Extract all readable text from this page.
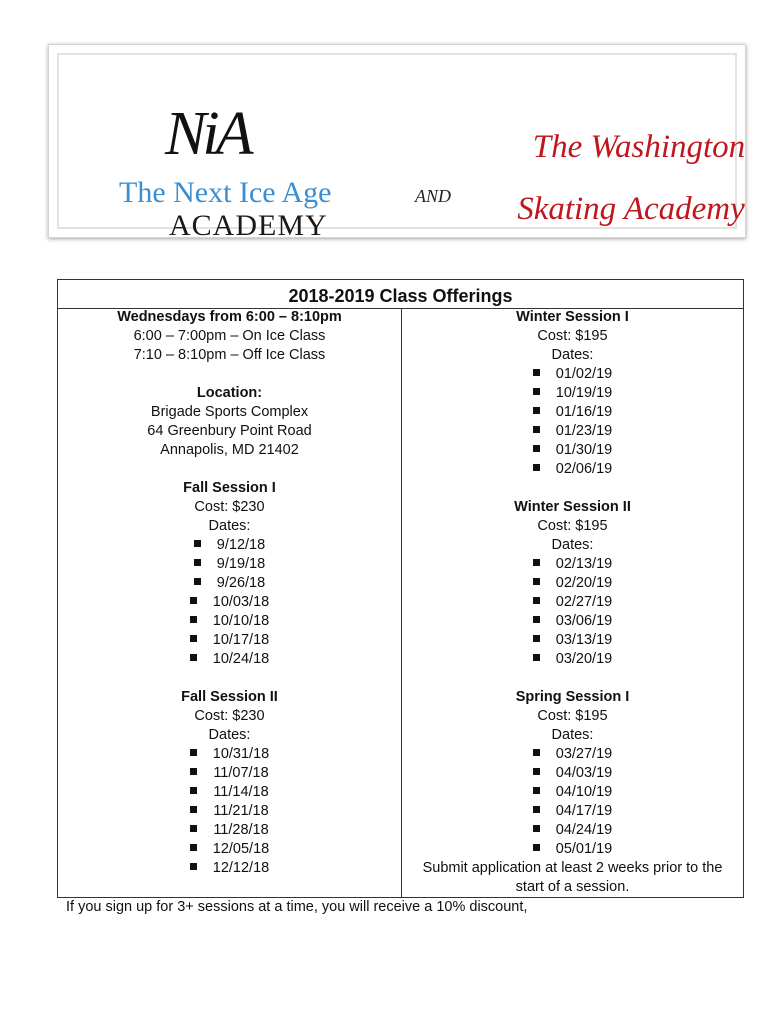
NiA
The Next Ice Age
ACADEMY
AND
The Washington
Skating Academy
2018-2019 Class Offerings
Wednesdays from 6:00 – 8:10pm
6:00 – 7:00pm – On Ice Class
7:10 – 8:10pm – Off Ice Class
Location:
Brigade Sports Complex
64 Greenbury Point Road
Annapolis, MD 21402
Fall Session I
Cost: $230
Dates:
9/12/18
9/19/18
9/26/18
10/03/18
10/10/18
10/17/18
10/24/18
Fall Session II
Cost: $230
Dates:
10/31/18
11/07/18
11/14/18
11/21/18
11/28/18
12/05/18
12/12/18
Winter Session I
Cost: $195
Dates:
01/02/19
10/19/19
01/16/19
01/23/19
01/30/19
02/06/19
Winter Session II
Cost: $195
Dates:
02/13/19
02/20/19
02/27/19
03/06/19
03/13/19
03/20/19
Spring Session I
Cost: $195
Dates:
03/27/19
04/03/19
04/10/19
04/17/19
04/24/19
05/01/19
Submit application at least 2 weeks prior to the start of a session.
If you sign up for 3+ sessions at a time, you will receive a 10% discount,
